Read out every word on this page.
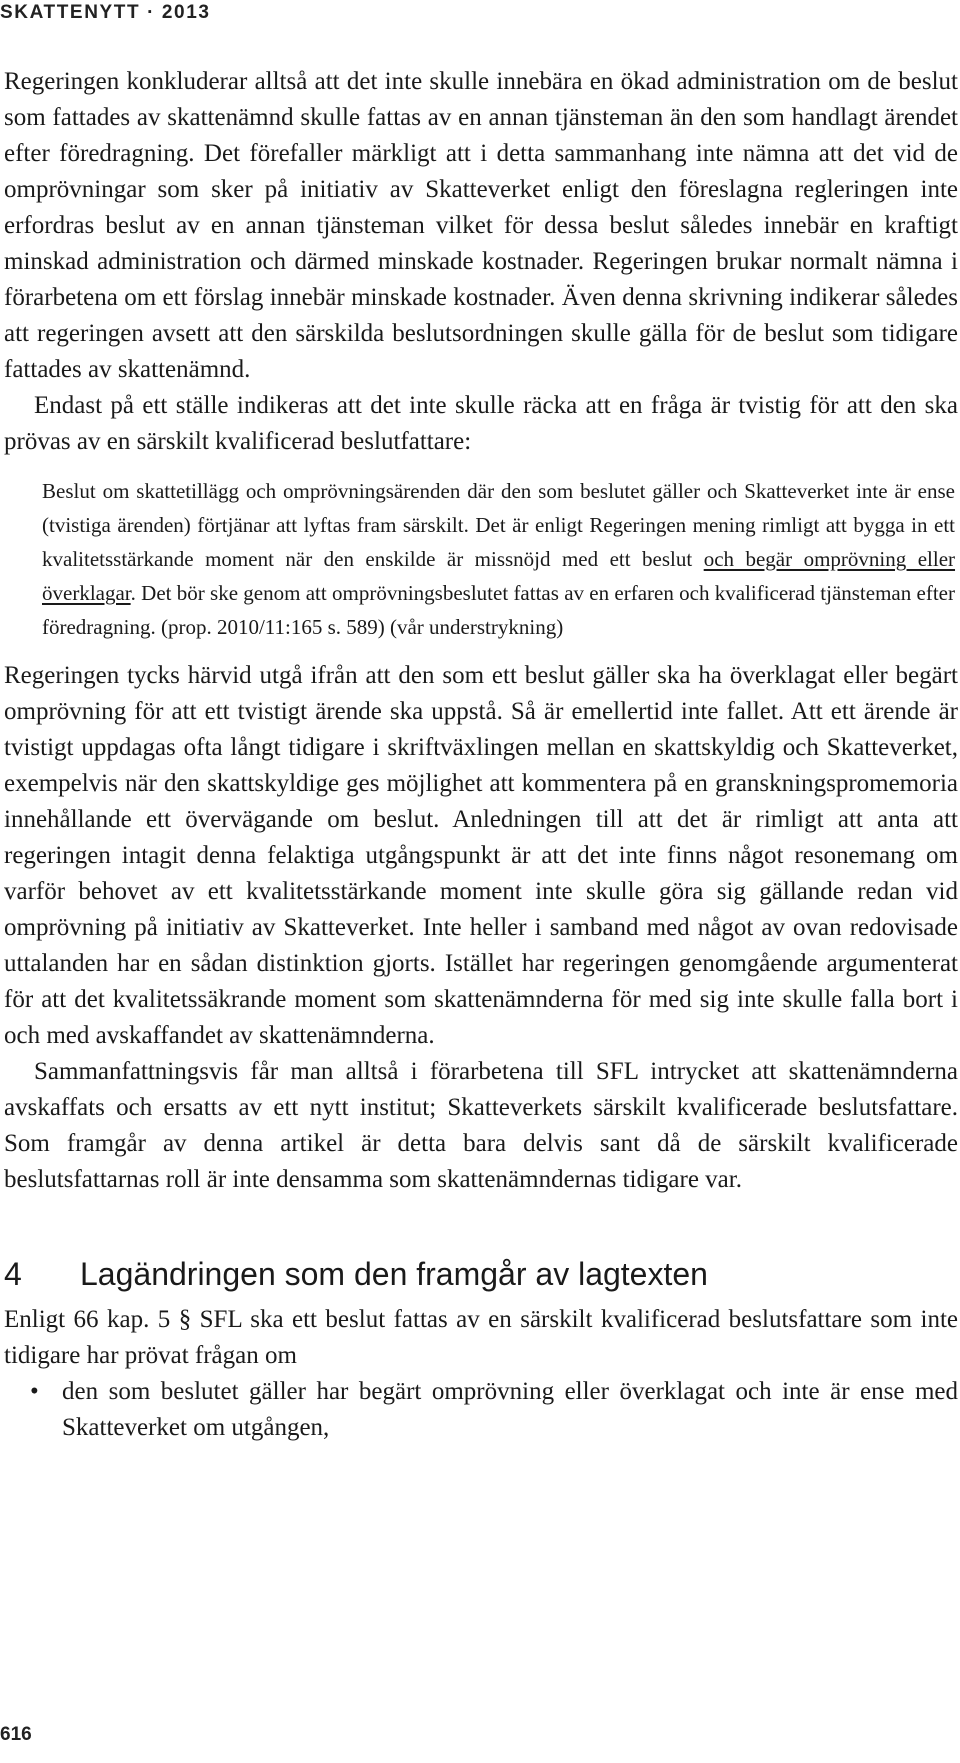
SKATTENYTT · 2013

Regeringen konkluderar alltså att det inte skulle innebära en ökad administration om de beslut som fattades av skattenämnd skulle fattas av en annan tjänsteman än den som handlagt ärendet efter föredragning. Det förefaller märkligt att i detta sammanhang inte nämna att det vid de omprövningar som sker på initiativ av Skatteverket enligt den föreslagna regleringen inte erfordras beslut av en annan tjänsteman vilket för dessa beslut således innebär en kraftigt minskad administration och därmed minskade kostnader. Regeringen brukar normalt nämna i förarbetena om ett förslag innebär minskade kostnader. Även denna skrivning indikerar således att regeringen avsett att den särskilda beslutsordningen skulle gälla för de beslut som tidigare fattades av skattenämnd.

Endast på ett ställe indikeras att det inte skulle räcka att en fråga är tvistig för att den ska prövas av en särskilt kvalificerad beslutfattare:

Beslut om skattetillägg och omprövningsärenden där den som beslutet gäller och Skatteverket inte är ense (tvistiga ärenden) förtjänar att lyftas fram särskilt. Det är enligt Regeringen mening rimligt att bygga in ett kvalitetsstärkande moment när den enskilde är missnöjd med ett beslut och begär omprövning eller överklagar. Det bör ske genom att omprövningsbeslutet fattas av en erfaren och kvalificerad tjänsteman efter föredragning. (prop. 2010/11:165 s. 589) (vår understrykning)

Regeringen tycks härvid utgå ifrån att den som ett beslut gäller ska ha överklagat eller begärt omprövning för att ett tvistigt ärende ska uppstå. Så är emellertid inte fallet. Att ett ärende är tvistigt uppdagas ofta långt tidigare i skriftväxlingen mellan en skattskyldig och Skatteverket, exempelvis när den skattskyldige ges möjlighet att kommentera på en granskningspromemoria innehållande ett övervägande om beslut. Anledningen till att det är rimligt att anta att regeringen intagit denna felaktiga utgångspunkt är att det inte finns något resonemang om varför behovet av ett kvalitetsstärkande moment inte skulle göra sig gällande redan vid omprövning på initiativ av Skatteverket. Inte heller i samband med något av ovan redovisade uttalanden har en sådan distinktion gjorts. Istället har regeringen genomgående argumenterat för att det kvalitetssäkrande moment som skattenämnderna för med sig inte skulle falla bort i och med avskaffandet av skattenämnderna.

Sammanfattningsvis får man alltså i förarbetena till SFL intrycket att skattenämnderna avskaffats och ersatts av ett nytt institut; Skatteverkets särskilt kvalificerade beslutsfattare. Som framgår av denna artikel är detta bara delvis sant då de särskilt kvalificerade beslutsfattarnas roll är inte densamma som skattenämndernas tidigare var.

4	Lagändringen som den framgår av lagtexten

Enligt 66 kap. 5 § SFL ska ett beslut fattas av en särskilt kvalificerad beslutsfattare som inte tidigare har prövat frågan om

• den som beslutet gäller har begärt omprövning eller överklagat och inte är ense med Skatteverket om utgången,
616
